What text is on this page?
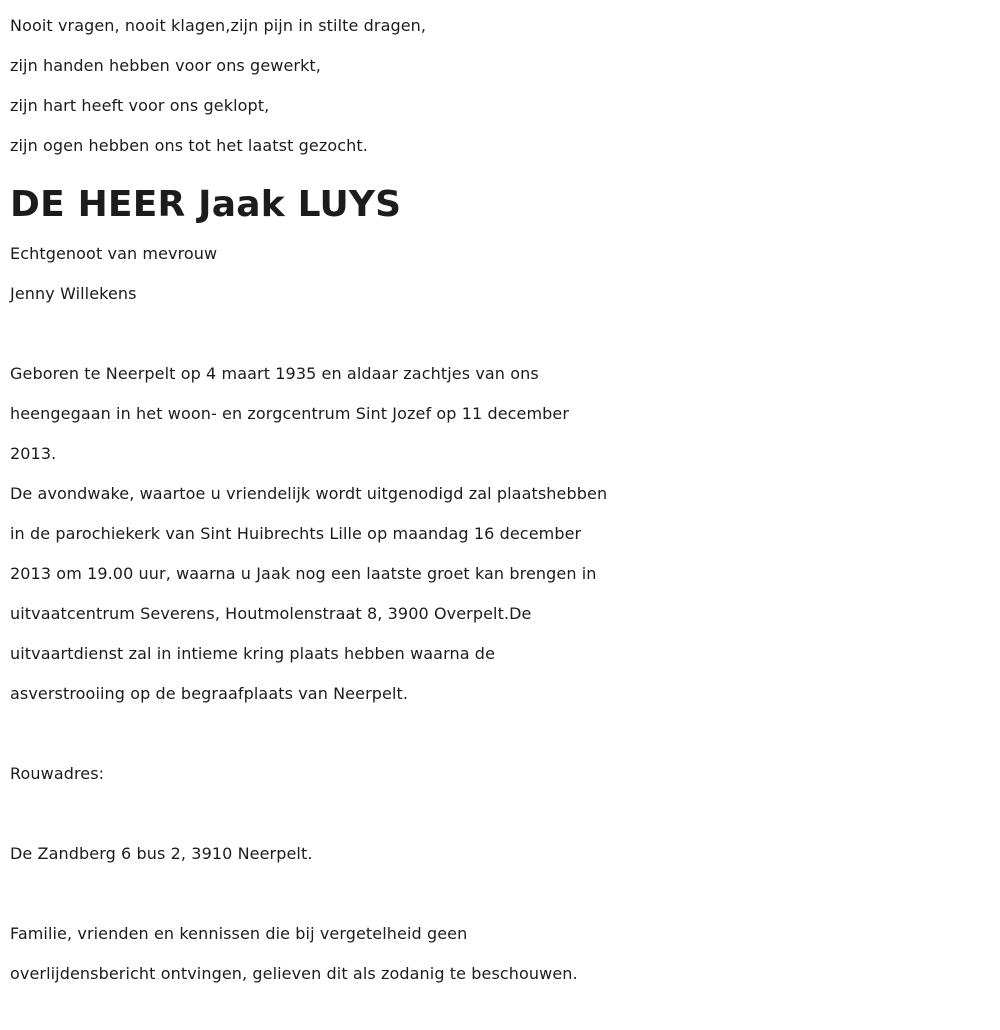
Nooit vragen, nooit klagen,zijn pijn in stilte dragen,
zijn handen hebben voor ons gewerkt,
zijn hart heeft voor ons geklopt,
zijn ogen hebben ons tot het laatst gezocht.
DE HEER Jaak LUYS
Echtgenoot van mevrouw
Jenny Willekens
Geboren te Neerpelt op 4 maart 1935 en aldaar zachtjes van ons
heengegaan in het woon- en zorgcentrum Sint Jozef op 11 december
2013.
De avondwake, waartoe u vriendelijk wordt uitgenodigd zal plaatshebben
in de parochiekerk van Sint Huibrechts Lille op maandag 16 december
2013 om 19.00 uur, waarna u Jaak nog een laatste groet kan brengen in
uitvaatcentrum Severens, Houtmolenstraat 8, 3900 Overpelt.De
uitvaartdienst zal in intieme kring plaats hebben waarna de
asverstrooiing op de begraafplaats van Neerpelt.
Rouwadres:
De Zandberg 6 bus 2, 3910 Neerpelt.
Familie, vrienden en kennissen die bij vergetelheid geen
overlijdensbericht ontvingen, gelieven dit als zodanig te beschouwen.
